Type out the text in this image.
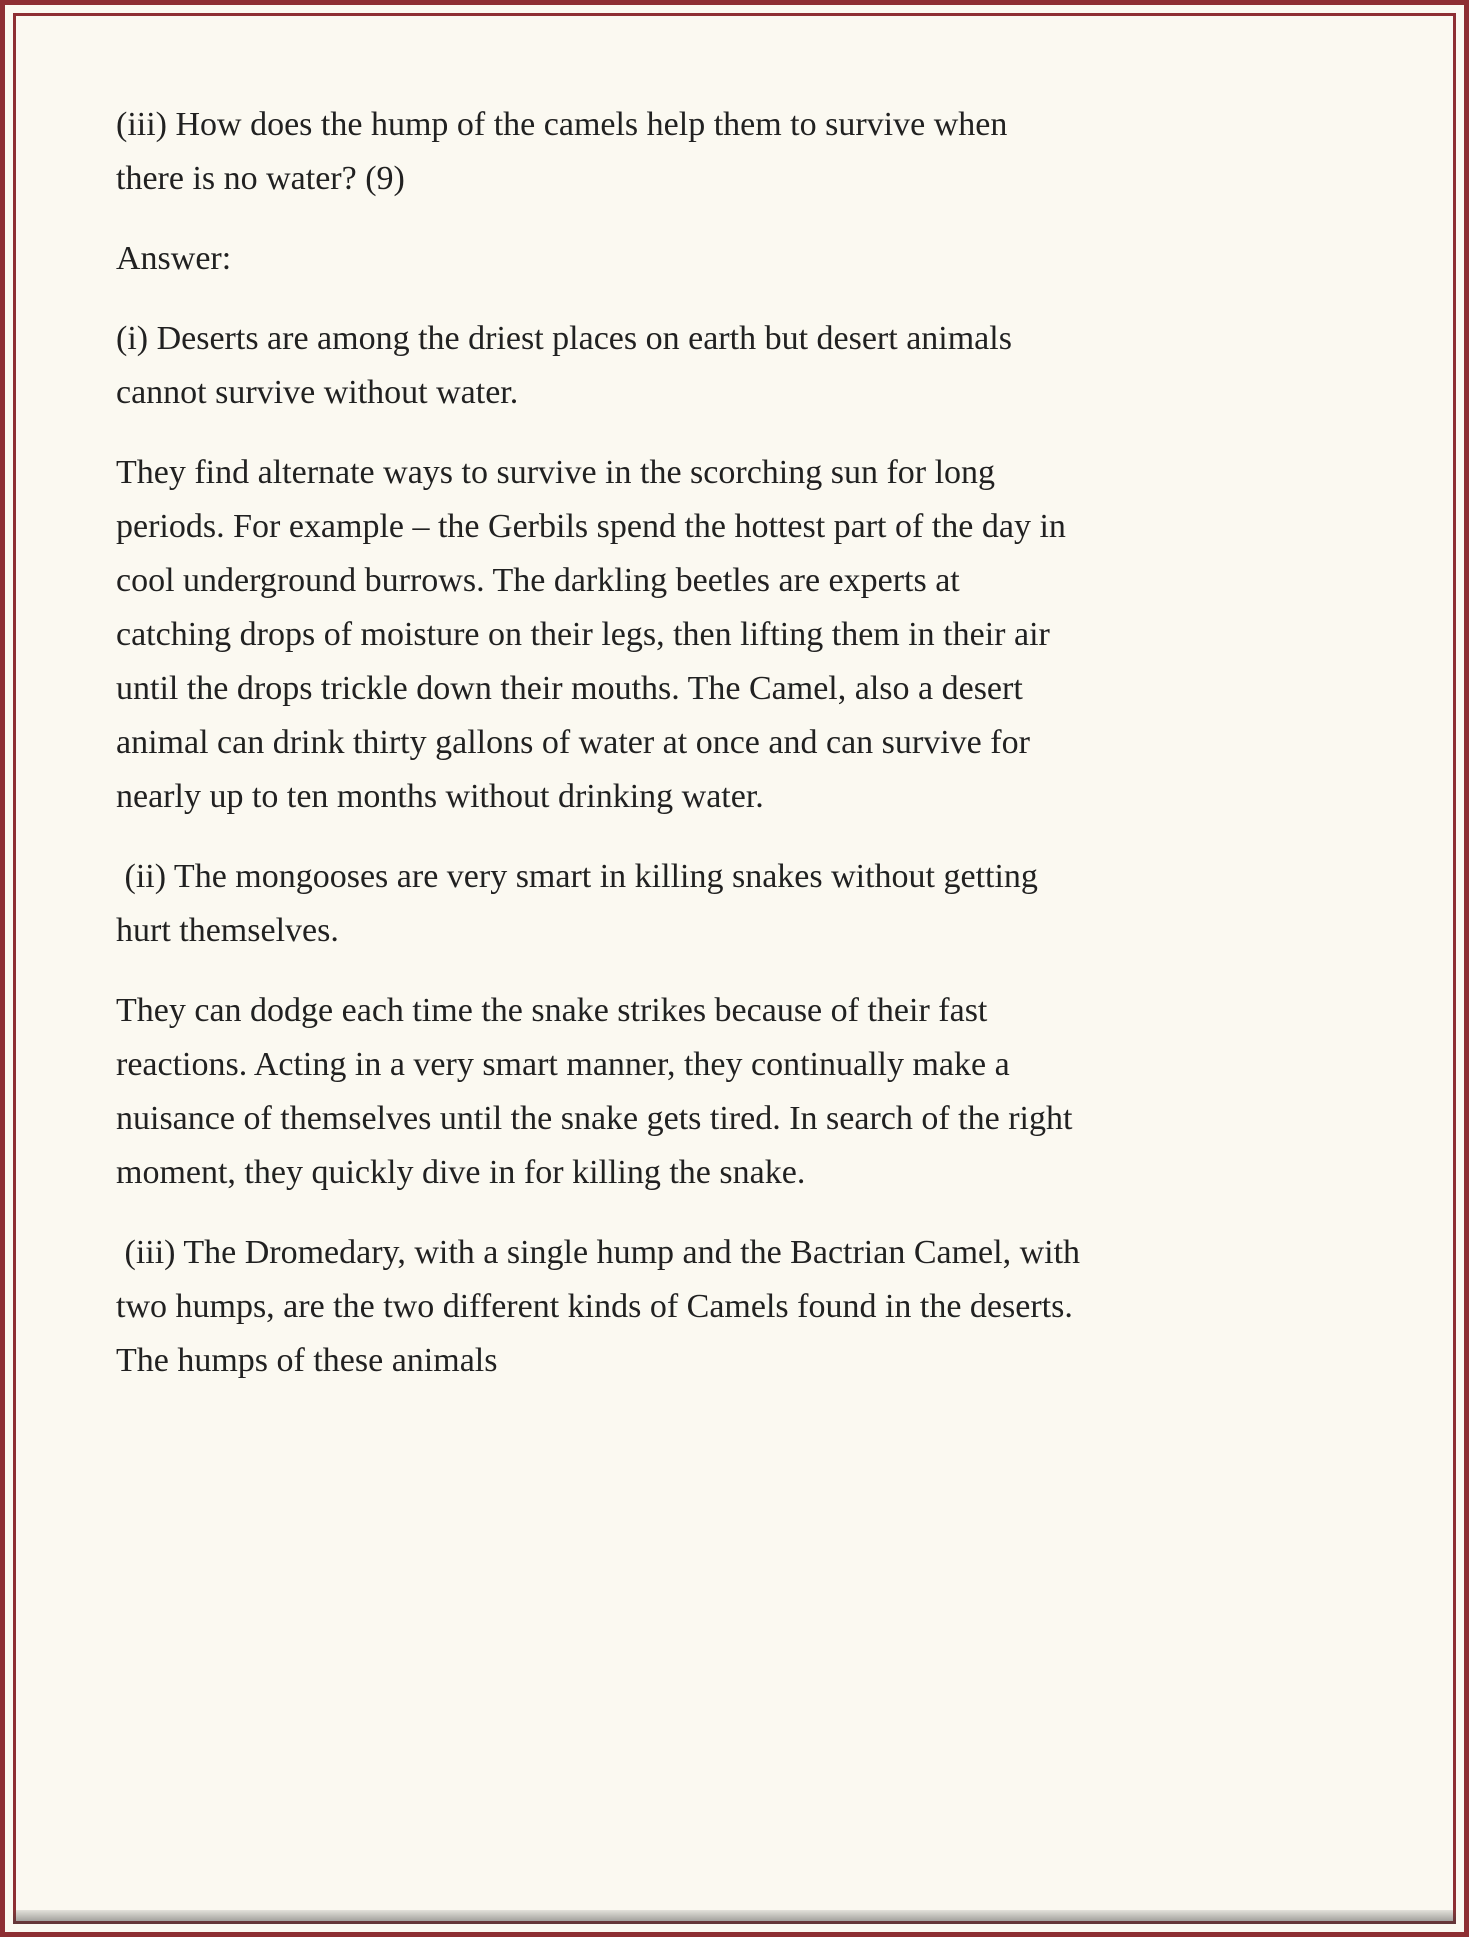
(iii) How does the hump of the camels help them to survive when there is no water? (9)

Answer:

(i) Deserts are among the driest places on earth but desert animals cannot survive without water.

They find alternate ways to survive in the scorching sun for long periods. For example – the Gerbils spend the hottest part of the day in cool underground burrows. The darkling beetles are experts at catching drops of moisture on their legs, then lifting them in their air until the drops trickle down their mouths. The Camel, also a desert animal can drink thirty gallons of water at once and can survive for nearly up to ten months without drinking water.

(ii) The mongooses are very smart in killing snakes without getting hurt themselves.

They can dodge each time the snake strikes because of their fast reactions. Acting in a very smart manner, they continually make a nuisance of themselves until the snake gets tired. In search of the right moment, they quickly dive in for killing the snake.

(iii) The Dromedary, with a single hump and the Bactrian Camel, with two humps, are the two different kinds of Camels found in the deserts. The humps of these animals
